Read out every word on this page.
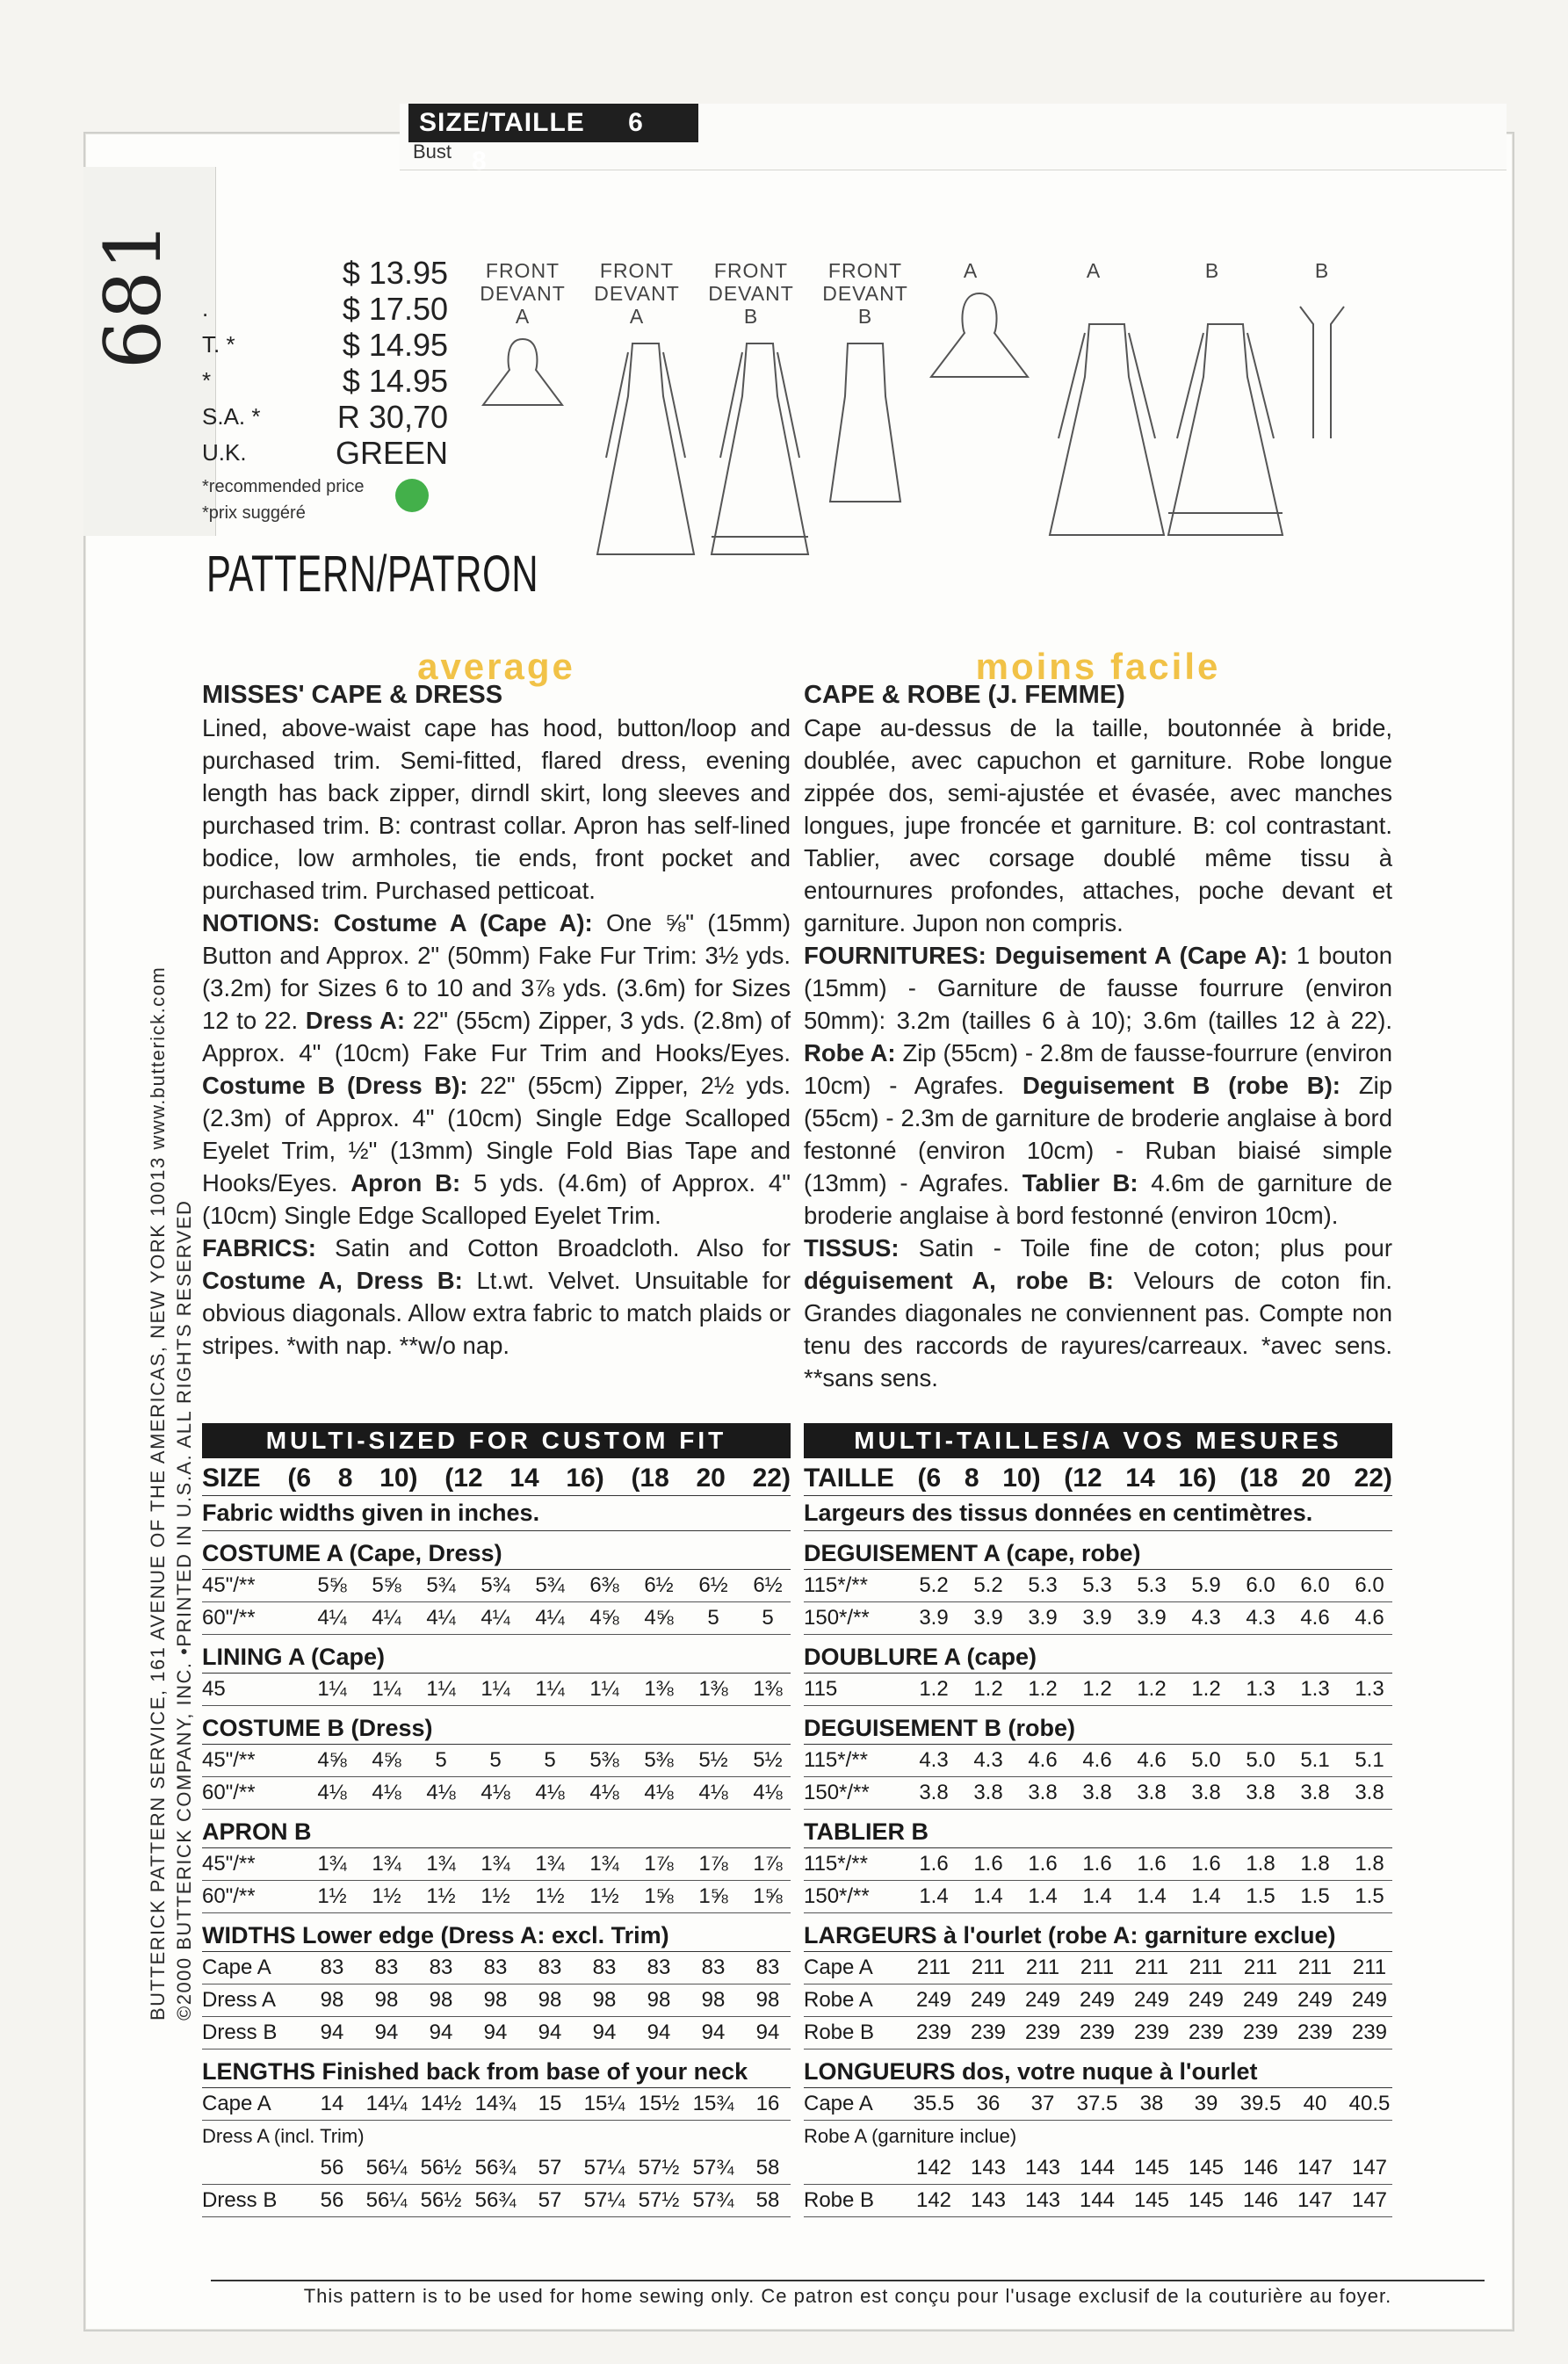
SIZE/TAILLE 6 8
Bust
681
BUTTERICK PATTERN SERVICE, 161 AVENUE OF THE AMERICAS, NEW YORK 10013 www.butterick.com ©2000 BUTTERICK COMPANY, INC. •PRINTED IN U.S.A. ALL RIGHTS RESERVED
$ 13.95
.	$ 17.50
T. *	$ 14.95
*	$ 14.95
S.A. *	R 30,70
U.K.	GREEN
*recommended price
*prix suggéré
PATTERN/PATRON
FRONT
DEVANT
A
FRONT
DEVANT
A
FRONT
DEVANT
B
FRONT
DEVANT
B
A	A	B	B
average
MISSES' CAPE & DRESS
Lined, above-waist cape has hood, button/loop and purchased trim. Semi-fitted, flared dress, evening length has back zipper, dirndl skirt, long sleeves and purchased trim. B: contrast collar. Apron has self-lined bodice, low armholes, tie ends, front pocket and purchased trim. Purchased petticoat.
NOTIONS: Costume A (Cape A): One ⅝" (15mm) Button and Approx. 2" (50mm) Fake Fur Trim: 3½ yds. (3.2m) for Sizes 6 to 10 and 3⅞ yds. (3.6m) for Sizes 12 to 22. Dress A: 22" (55cm) Zipper, 3 yds. (2.8m) of Approx. 4" (10cm) Fake Fur Trim and Hooks/Eyes. Costume B (Dress B): 22" (55cm) Zipper, 2½ yds. (2.3m) of Approx. 4" (10cm) Single Edge Scalloped Eyelet Trim, ½" (13mm) Single Fold Bias Tape and Hooks/Eyes. Apron B: 5 yds. (4.6m) of Approx. 4" (10cm) Single Edge Scalloped Eyelet Trim.
FABRICS: Satin and Cotton Broadcloth. Also for Costume A, Dress B: Lt.wt. Velvet. Unsuitable for obvious diagonals. Allow extra fabric to match plaids or stripes. *with nap. **w/o nap.
moins facile
CAPE & ROBE (J. FEMME)
Cape au-dessus de la taille, boutonnée à bride, doublée, avec capuchon et garniture. Robe longue zippée dos, semi-ajustée et évasée, avec manches longues, jupe froncée et garniture. B: col contrastant. Tablier, avec corsage doublé même tissu à entournures profondes, attaches, poche devant et garniture. Jupon non compris.
FOURNITURES: Deguisement A (Cape A): 1 bouton (15mm) - Garniture de fausse fourrure (environ 50mm): 3.2m (tailles 6 à 10); 3.6m (tailles 12 à 22). Robe A: Zip (55cm) - 2.8m de fausse-fourrure (environ 10cm) - Agrafes. Deguisement B (robe B): Zip (55cm) - 2.3m de garniture de broderie anglaise à bord festonné (environ 10cm) - Ruban biaisé simple (13mm) - Agrafes. Tablier B: 4.6m de garniture de broderie anglaise à bord festonné (environ 10cm).
TISSUS: Satin - Toile fine de coton; plus pour déguisement A, robe B: Velours de coton fin. Grandes diagonales ne conviennent pas. Compte non tenu des raccords de rayures/carreaux. *avec sens. **sans sens.
MULTI-SIZED FOR CUSTOM FIT
SIZE (6 8 10) (12 14 16) (18 20 22)
Fabric widths given in inches.
COSTUME A (Cape, Dress)
45"/**	5⅝	5⅝	5¾	5¾	5¾	6⅜	6½	6½	6½
60"/**	4¼	4¼	4¼	4¼	4¼	4⅝	4⅝	5	5
LINING A (Cape)
45	1¼	1¼	1¼	1¼	1¼	1¼	1⅜	1⅜	1⅜
COSTUME B (Dress)
45"/**	4⅝	4⅝	5	5	5	5⅜	5⅜	5½	5½
60"/**	4⅛	4⅛	4⅛	4⅛	4⅛	4⅛	4⅛	4⅛	4⅛
APRON B
45"/**	1¾	1¾	1¾	1¾	1¾	1¾	1⅞	1⅞	1⅞
60"/**	1½	1½	1½	1½	1½	1½	1⅝	1⅝	1⅝
WIDTHS Lower edge (Dress A: excl. Trim)
Cape A	83	83	83	83	83	83	83	83	83
Dress A	98	98	98	98	98	98	98	98	98
Dress B	94	94	94	94	94	94	94	94	94
LENGTHS Finished back from base of your neck
Cape A	14	14¼ 14½ 14¾	15	15¼ 15½ 15¾	16
Dress A (incl. Trim)
56	56¼ 56½ 56¾	57	57¼ 57½ 57¾	58
Dress B	56	56¼ 56½ 56¾	57	57¼ 57½ 57¾	58
MULTI-TAILLES/A VOS MESURES
TAILLE (6 8 10) (12 14 16) (18 20 22)
Largeurs des tissus données en centimètres.
DEGUISEMENT A (cape, robe)
115*/**	5.2	5.2	5.3	5.3	5.3	5.9	6.0	6.0	6.0
150*/**	3.9	3.9	3.9	3.9	3.9	4.3	4.3	4.6	4.6
DOUBLURE A (cape)
115	1.2	1.2	1.2	1.2	1.2	1.2	1.3	1.3	1.3
DEGUISEMENT B (robe)
115*/**	4.3	4.3	4.6	4.6	4.6	5.0	5.0	5.1	5.1
150*/**	3.8	3.8	3.8	3.8	3.8	3.8	3.8	3.8	3.8
TABLIER B
115*/**	1.6	1.6	1.6	1.6	1.6	1.6	1.8	1.8	1.8
150*/**	1.4	1.4	1.4	1.4	1.4	1.4	1.5	1.5	1.5
LARGEURS à l'ourlet (robe A: garniture exclue)
Cape A	211 211 211 211 211 211 211 211 211
Robe A	249 249 249 249 249 249 249 249 249
Robe B	239 239 239 239 239 239 239 239 239
LONGUEURS dos, votre nuque à l'ourlet
Cape A	35.5	36	37	37.5	38	39	39.5	40	40.5
Robe A (garniture inclue)
142 143 143 144 145 145 146 147 147
Robe B	142 143 143 144 145 145 146 147 147
This pattern is to be used for home sewing only. Ce patron est conçu pour l'usage exclusif de la couturière au foyer.
